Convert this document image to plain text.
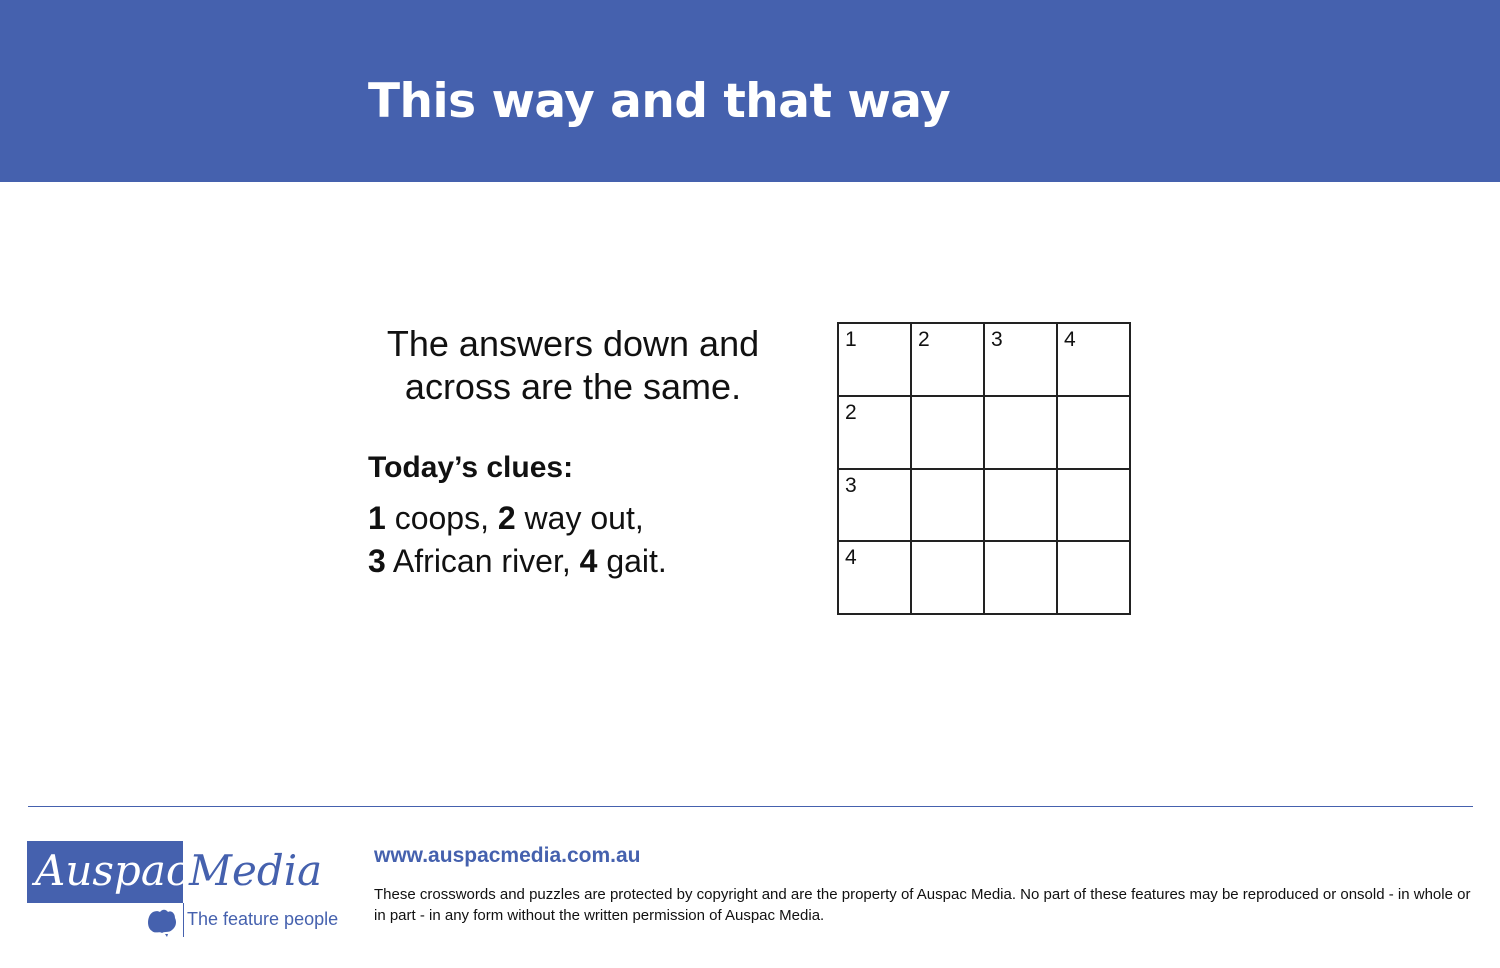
This way and that way
The answers down and across are the same.
Today’s clues:
1 coops, 2 way out,
3 African river, 4 gait.
1	2	3	4
2
3
4
Auspac Media
The feature people
www.auspacmedia.com.au
These crosswords and puzzles are protected by copyright and are the property of Auspac Media. No part of these features may be reproduced or onsold - in whole or in part - in any form without the written permission of Auspac Media.
